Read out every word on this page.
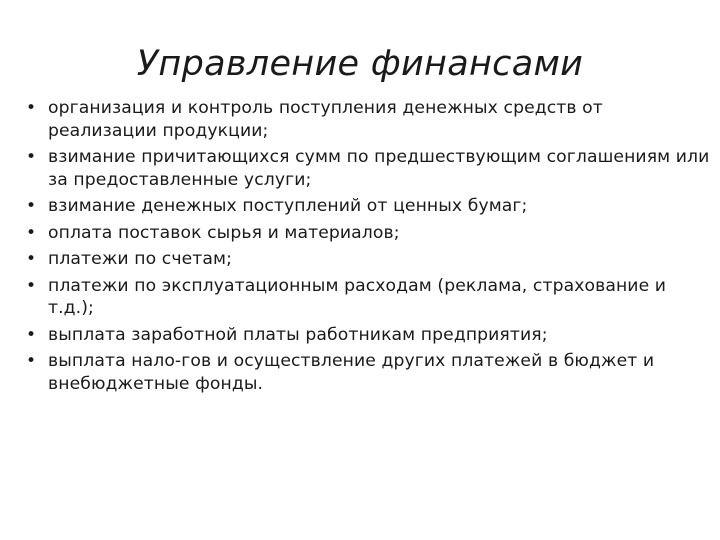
Управление финансами
• организация и контроль поступления денежных средств от реализации продукции;
• взимание причитающихся сумм по предшествующим соглашениям или за предоставленные услуги;
• взимание денежных поступлений от ценных бумаг;
• оплата поставок сырья и материалов;
• платежи по счетам;
• платежи по эксплуатационным расходам (реклама, страхование и т.д.);
• выплата заработной платы работникам предприятия;
• выплата нало-гов и осуществление других платежей в бюджет и внебюджетные фонды.
